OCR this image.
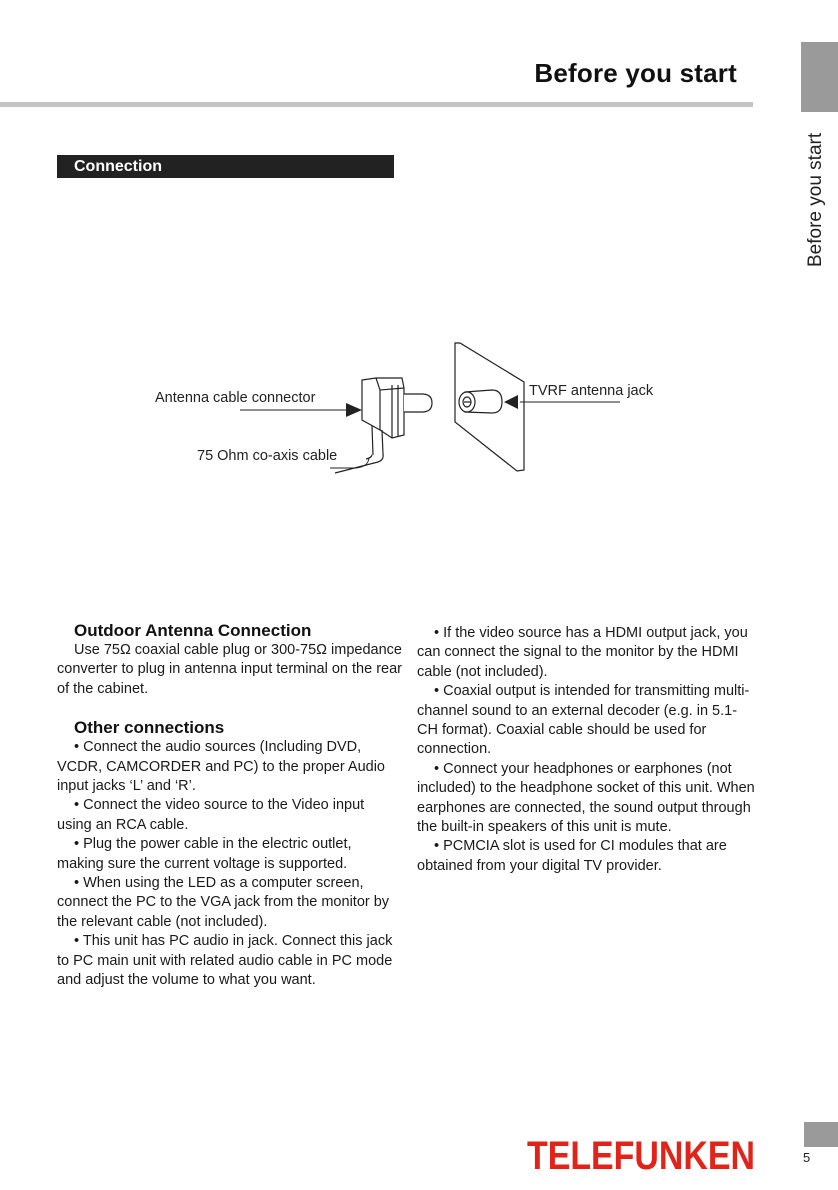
Before you start
Before you start
Connection
Antenna cable connector
75 Ohm co-axis cable
TVRF antenna jack
Outdoor Antenna Connection

Use 75Ω coaxial cable plug or 300-75Ω impedance converter to plug in antenna input terminal on the rear of the cabinet.

Other connections

• Connect the audio sources (Including DVD, VCDR, CAMCORDER and PC) to the proper Audio input jacks ‘L’ and ‘R’.

• Connect the video source to the Video input using an RCA cable.

• Plug the power cable in the electric outlet, making sure the current voltage is supported.

• When using the LED as a computer screen, connect the PC to the VGA jack from the monitor by the relevant cable (not included).

• This unit has PC audio in jack. Connect this jack to PC main unit with related audio cable in PC mode and adjust the volume to what you want.

• If the video source has a HDMI output jack, you can connect the signal to the monitor by the HDMI cable (not included).

• Coaxial output is intended for transmitting multi-channel sound to an external decoder (e.g. in 5.1-CH format). Coaxial cable should be used for connection.

• Connect your headphones or earphones (not included) to the headphone socket of this unit. When earphones are connected, the sound output through the built-in speakers of this unit is mute.

• PCMCIA slot is used for CI modules that are obtained from your digital TV provider.

TELEFUNKEN	5
